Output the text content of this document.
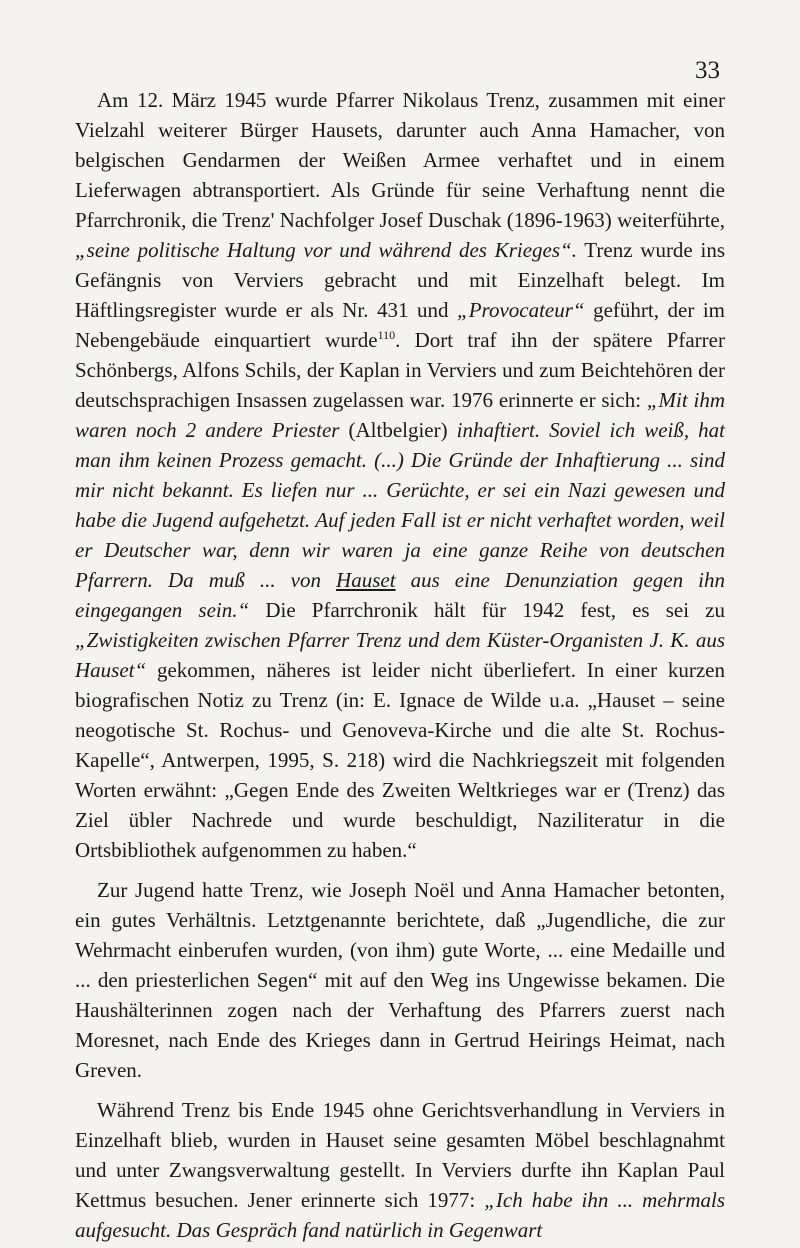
33

Am 12. März 1945 wurde Pfarrer Nikolaus Trenz, zusammen mit einer Vielzahl weiterer Bürger Hausets, darunter auch Anna Hamacher, von belgischen Gendarmen der Weißen Armee verhaftet und in einem Lieferwagen abtransportiert. Als Gründe für seine Verhaftung nennt die Pfarrchronik, die Trenz' Nachfolger Josef Duschak (1896-1963) weiterführte, „seine politische Haltung vor und während des Krieges“. Trenz wurde ins Gefängnis von Verviers gebracht und mit Einzelhaft belegt. Im Häftlingsregister wurde er als Nr. 431 und „Provocateur“ geführt, der im Nebengebäude einquartiert wurde$^{110}$. Dort traf ihn der spätere Pfarrer Schönbergs, Alfons Schils, der Kaplan in Verviers und zum Beichtehören der deutschsprachigen Insassen zugelassen war. 1976 erinnerte er sich: „Mit ihm waren noch 2 andere Priester (Altbelgier) inhaftiert. Soviel ich weiß, hat man ihm keinen Prozess gemacht. (...) Die Gründe der Inhaftierung ... sind mir nicht bekannt. Es liefen nur ... Gerüchte, er sei ein Nazi gewesen und habe die Jugend aufgehetzt. Auf jeden Fall ist er nicht verhaftet worden, weil er Deutscher war, denn wir waren ja eine ganze Reihe von deutschen Pfarrern. Da muß ... von Hauset aus eine Denunziation gegen ihn eingegangen sein.“ Die Pfarrchronik hält für 1942 fest, es sei zu „Zwistigkeiten zwischen Pfarrer Trenz und dem Küster-Organisten J. K. aus Hauset“ gekommen, näheres ist leider nicht überliefert. In einer kurzen biografischen Notiz zu Trenz (in: E. Ignace de Wilde u.a. „Hauset – seine neogotische St. Rochus- und Genoveva-Kirche und die alte St. Rochus-Kapelle“, Antwerpen, 1995, S. 218) wird die Nachkriegszeit mit folgenden Worten erwähnt: „Gegen Ende des Zweiten Weltkrieges war er (Trenz) das Ziel übler Nachrede und wurde beschuldigt, Naziliteratur in die Ortsbibliothek aufgenommen zu haben.“

Zur Jugend hatte Trenz, wie Joseph Noël und Anna Hamacher betonten, ein gutes Verhältnis. Letztgenannte berichtete, daß „Jugendliche, die zur Wehrmacht einberufen wurden, (von ihm) gute Worte, ... eine Medaille und ... den priesterlichen Segen“ mit auf den Weg ins Ungewisse bekamen. Die Haushälterinnen zogen nach der Verhaftung des Pfarrers zuerst nach Moresnet, nach Ende des Krieges dann in Gertrud Heirings Heimat, nach Greven.

Während Trenz bis Ende 1945 ohne Gerichtsverhandlung in Verviers in Einzelhaft blieb, wurden in Hauset seine gesamten Möbel beschlagnahmt und unter Zwangsverwaltung gestellt. In Verviers durfte ihn Kaplan Paul Kettmus besuchen. Jener erinnerte sich 1977: „Ich habe ihn ... mehrmals aufgesucht. Das Gespräch fand natürlich in Gegenwart
